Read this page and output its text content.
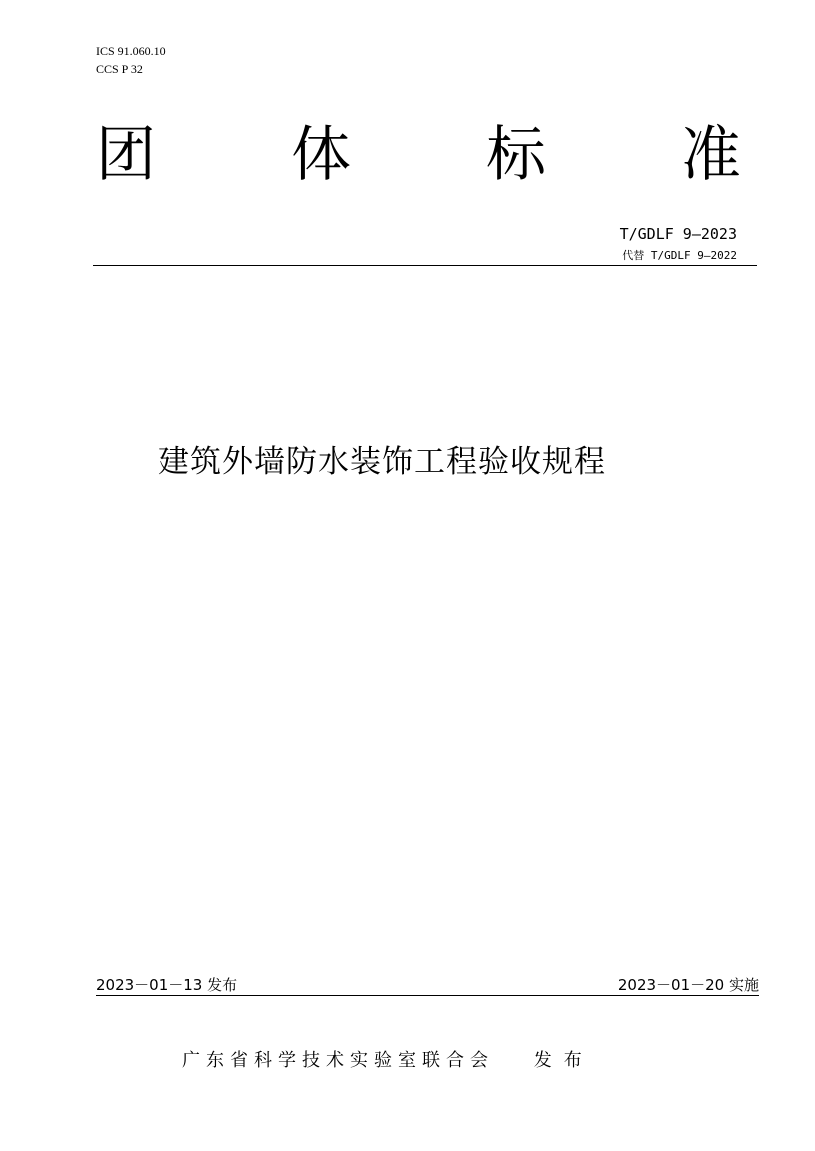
ICS 91.060.10
CCS P 32
团 体 标 准
T/GDLF 9—2023
代替 T/GDLF 9—2022
建筑外墙防水装饰工程验收规程
2023－01－13 发布	2023－01－20 实施
广东省科学技术实验室联合会 发布
